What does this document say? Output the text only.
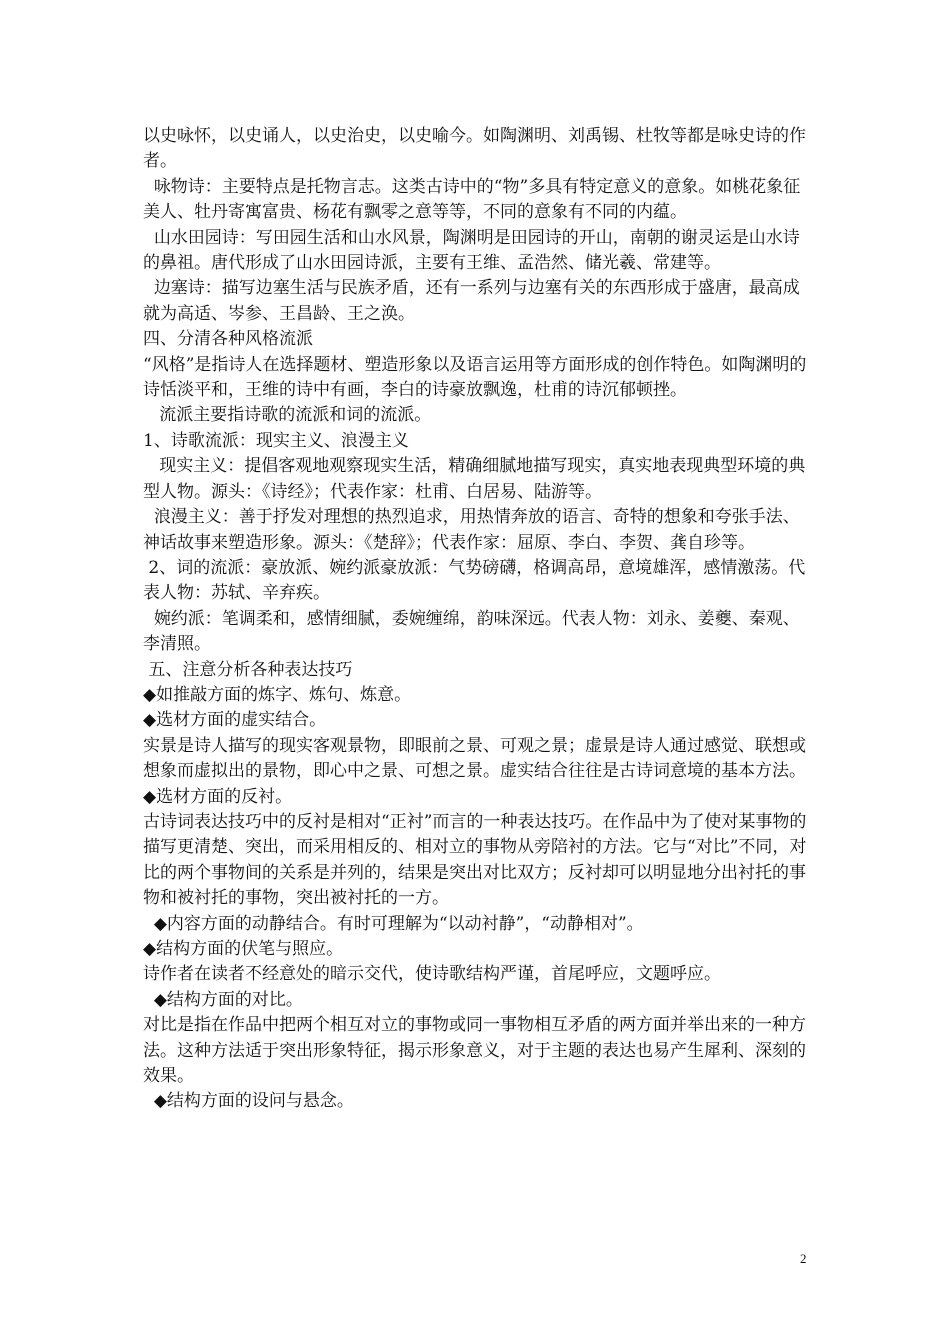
以史咏怀，以史诵人，以史治史，以史喻今。如陶渊明、刘禹锡、杜牧等都是咏史诗的作者。

咏物诗：主要特点是托物言志。这类古诗中的“物”多具有特定意义的意象。如桃花象征美人、牡丹寄寓富贵、杨花有飘零之意等等，不同的意象有不同的内蕴。

山水田园诗：写田园生活和山水风景，陶渊明是田园诗的开山，南朝的谢灵运是山水诗的鼻祖。唐代形成了山水田园诗派，主要有王维、孟浩然、储光羲、常建等。

边塞诗：描写边塞生活与民族矛盾，还有一系列与边塞有关的东西形成于盛唐，最高成就为高适、岑参、王昌龄、王之涣。

四、分清各种风格流派

“风格”是指诗人在选择题材、塑造形象以及语言运用等方面形成的创作特色。如陶渊明的诗恬淡平和，王维的诗中有画，李白的诗豪放飘逸，杜甫的诗沉郁顿挫。

流派主要指诗歌的流派和词的流派。

1、诗歌流派：现实主义、浪漫主义

现实主义：提倡客观地观察现实生活，精确细腻地描写现实，真实地表现典型环境的典型人物。源头：《诗经》；代表作家：杜甫、白居易、陆游等。

浪漫主义：善于抒发对理想的热烈追求，用热情奔放的语言、奇特的想象和夸张手法、神话故事来塑造形象。源头：《楚辞》；代表作家：屈原、李白、李贺、龚自珍等。

2、词的流派：豪放派、婉约派豪放派：气势磅礴，格调高昂，意境雄浑，感情激荡。代表人物：苏轼、辛弃疾。

婉约派：笔调柔和，感情细腻，委婉缠绵，韵味深远。代表人物：刘永、姜夔、秦观、李清照。

五、注意分析各种表达技巧

◆如推敲方面的炼字、炼句、炼意。

◆选材方面的虚实结合。

实景是诗人描写的现实客观景物，即眼前之景、可观之景；虚景是诗人通过感觉、联想或想象而虚拟出的景物，即心中之景、可想之景。虚实结合往往是古诗词意境的基本方法。

◆选材方面的反衬。

古诗词表达技巧中的反衬是相对“正衬”而言的一种表达技巧。在作品中为了使对某事物的描写更清楚、突出，而采用相反的、相对立的事物从旁陪衬的方法。它与“对比”不同，对比的两个事物间的关系是并列的，结果是突出对比双方；反衬却可以明显地分出衬托的事物和被衬托的事物，突出被衬托的一方。

◆内容方面的动静结合。有时可理解为“以动衬静”，“动静相对”。

◆结构方面的伏笔与照应。

诗作者在读者不经意处的暗示交代，使诗歌结构严谨，首尾呼应，文题呼应。

◆结构方面的对比。

对比是指在作品中把两个相互对立的事物或同一事物相互矛盾的两方面并举出来的一种方法。这种方法适于突出形象特征，揭示形象意义，对于主题的表达也易产生犀利、深刻的效果。

◆结构方面的设问与悬念。

2
